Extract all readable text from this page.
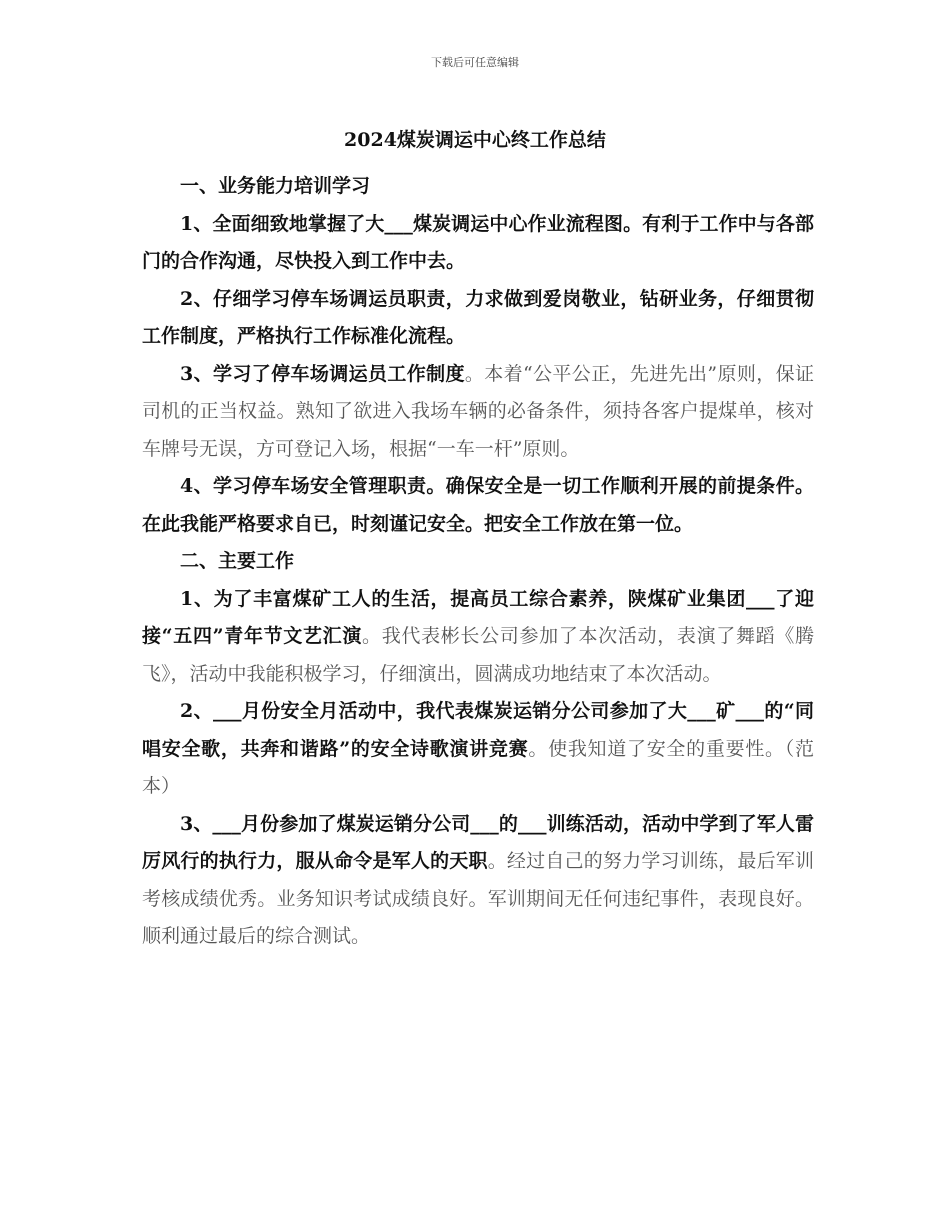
下载后可任意编辑
2024煤炭调运中心终工作总结

一、业务能力培训学习

1、全面细致地掌握了大___煤炭调运中心作业流程图。有利于工作中与各部门的合作沟通，尽快投入到工作中去。

2、仔细学习停车场调运员职责，力求做到爱岗敬业，钻研业务，仔细贯彻工作制度，严格执行工作标准化流程。

3、学习了停车场调运员工作制度。本着“公平公正，先进先出”原则，保证司机的正当权益。熟知了欲进入我场车辆的必备条件，须持各客户提煤单，核对车牌号无误，方可登记入场，根据“一车一杆”原则。

4、学习停车场安全管理职责。确保安全是一切工作顺利开展的前提条件。在此我能严格要求自已，时刻谨记安全。把安全工作放在第一位。

二、主要工作

1、为了丰富煤矿工人的生活，提高员工综合素养，陕煤矿业集团___了迎接“五四”青年节文艺汇演。我代表彬长公司参加了本次活动，表演了舞蹈《腾飞》，活动中我能积极学习，仔细演出，圆满成功地结束了本次活动。

2、___月份安全月活动中，我代表煤炭运销分公司参加了大___矿___的“同唱安全歌，共奔和谐路”的安全诗歌演讲竞赛。使我知道了安全的重要性。（范本）

3、___月份参加了煤炭运销分公司___的___训练活动，活动中学到了军人雷厉风行的执行力，服从命令是军人的天职。经过自己的努力学习训练，最后军训考核成绩优秀。业务知识考试成绩良好。军训期间无任何违纪事件，表现良好。顺利通过最后的综合测试。
